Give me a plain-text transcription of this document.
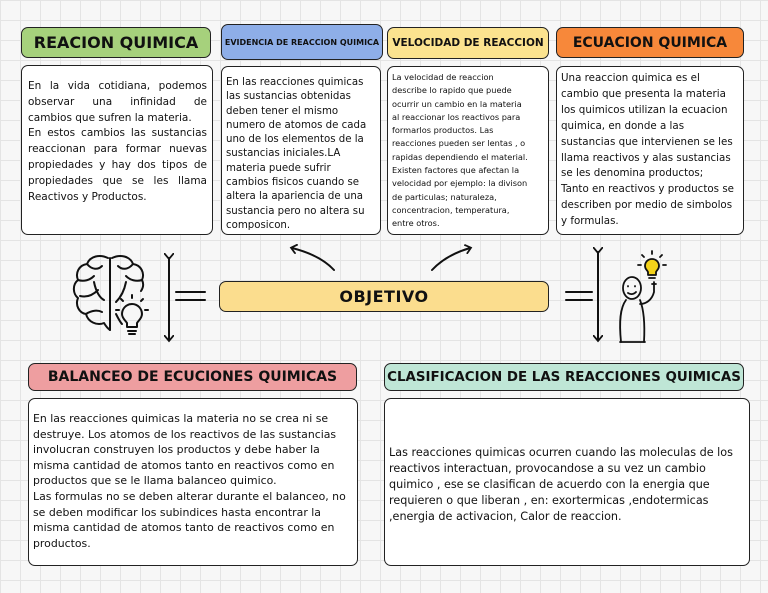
REACION QUIMICA	EVIDENCIA DE REACCION QUIMICA	VELOCIDAD DE REACCION	ECUACION QUIMICA
En la vida cotidiana, podemos observar una infinidad de cambios que sufren la materia.
En estos cambios las sustancias reaccionan para formar nuevas propiedades y hay dos tipos de propiedades que se les llama Reactivos y Productos.
En las reacciones quimicas las sustancias obtenidas deben tener el mismo numero de atomos de cada uno de los elementos de la sustancias iniciales.LA materia puede sufrir cambios fisicos cuando se altera la apariencia de una sustancia pero no altera su composicon.
La velocidad de reaccion
describe lo rapido que puede
ocurrir un cambio en la materia
al reaccionar los reactivos para
formarlos productos. Las
reacciones pueden ser lentas , o
rapidas dependiendo el material.
Existen factores que afectan la
velocidad por ejemplo: la divison
de particulas; naturaleza,
concentracion, temperatura,
entre otros.
Una reaccion quimica es el cambio que presenta la materia los quimicos utilizan la ecuacion quimica, en donde a las sustancias que intervienen se les llama reactivos y alas sustancias se les denomina productos;
Tanto en reactivos y productos se describen por medio de simbolos y formulas.
OBJETIVO
BALANCEO DE ECUCIONES QUIMICAS	CLASIFICACION DE LAS REACCIONES QUIMICAS
En las reacciones quimicas la materia no se crea ni se destruye. Los atomos de los reactivos de las sustancias involucran construyen los productos y debe haber la misma cantidad de atomos tanto en reactivos como en productos que se le llama balanceo quimico.
Las formulas no se deben alterar durante el balanceo, no se deben modificar los subindices hasta encontrar la misma cantidad de atomos tanto de reactivos como en productos.
Las reacciones quimicas ocurren cuando las moleculas de los reactivos interactuan, provocandose a su vez un cambio quimico , ese se clasifican de acuerdo con la energia que requieren o que liberan , en: exortermicas ,endotermicas ,energia de activacion, Calor de reaccion.
